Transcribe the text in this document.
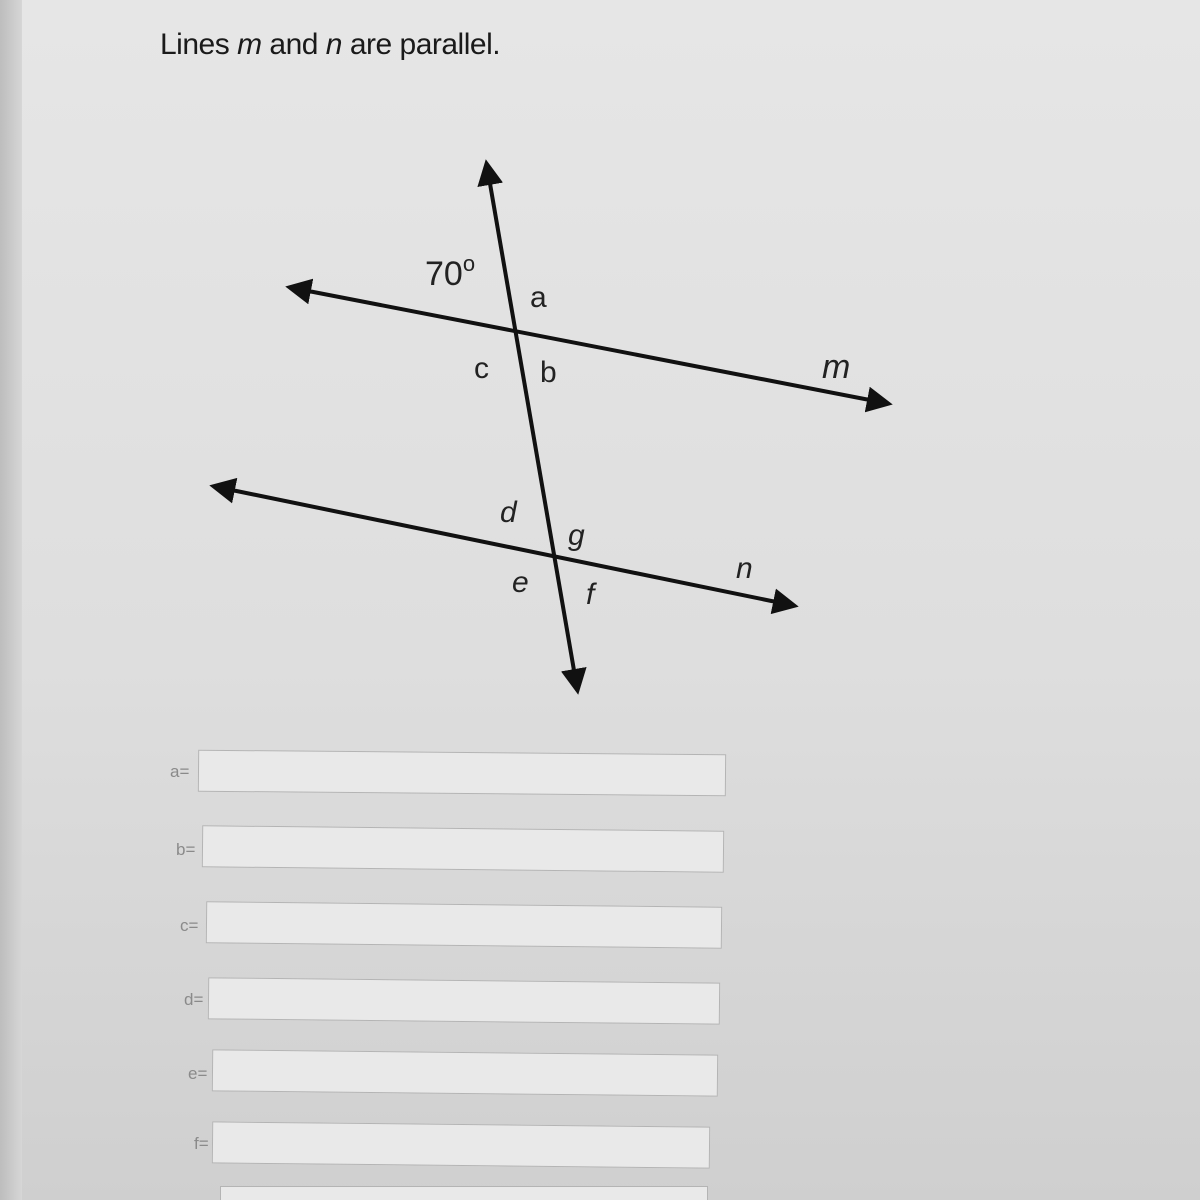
Lines m and n are parallel.
70$^o$
a
c b	m
d
g
e f
n
a=
b=
c=
d=
e=
f=
